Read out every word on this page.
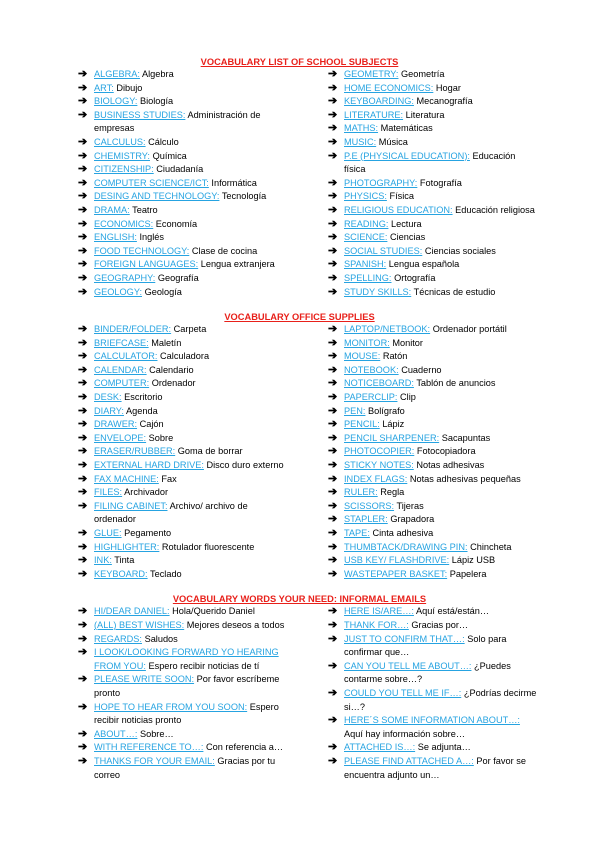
VOCABULARY LIST OF SCHOOL SUBJECTS

➔ ALGEBRA: Algebra
➔ ART: Dibujo
➔ BIOLOGY: Biología
➔ BUSINESS STUDIES: Administración de
empresas
➔ CALCULUS: Cálculo
➔ CHEMISTRY: Química
➔ CITIZENSHIP: Ciudadanía
➔ COMPUTER SCIENCE/ICT: Informática
➔ DESING AND TECHNOLOGY: Tecnología
➔ DRAMA: Teatro
➔ ECONOMICS: Economía
➔ ENGLISH: Inglés
➔ FOOD TECHNOLOGY: Clase de cocina
➔ FOREIGN LANGUAGES: Lengua extranjera
➔ GEOGRAPHY: Geografía
➔ GEOLOGY: Geología
➔ GEOMETRY: Geometría
➔ HOME ECONOMICS: Hogar
➔ KEYBOARDING: Mecanografía
➔ LITERATURE: Literatura
➔ MATHS: Matemáticas
➔ MUSIC: Música
➔ P.E (PHYSICAL EDUCATION): Educación
física
➔ PHOTOGRAPHY: Fotografía
➔ PHYSICS: Física
➔ RELIGIOUS EDUCATION: Educación religiosa
➔ READING: Lectura
➔ SCIENCE: Ciencias
➔ SOCIAL STUDIES: Ciencias sociales
➔ SPANISH: Lengua española
➔ SPELLING: Ortografía
➔ STUDY SKILLS: Técnicas de estudio

VOCABULARY OFFICE SUPPLIES

➔ BINDER/FOLDER: Carpeta
➔ BRIEFCASE: Maletín
➔ CALCULATOR: Calculadora
➔ CALENDAR: Calendario
➔ COMPUTER: Ordenador
➔ DESK: Escritorio
➔ DIARY: Agenda
➔ DRAWER: Cajón
➔ ENVELOPE: Sobre
➔ ERASER/RUBBER: Goma de borrar
➔ EXTERNAL HARD DRIVE: Disco duro externo
➔ FAX MACHINE: Fax
➔ FILES: Archivador
➔ FILING CABINET: Archivo/ archivo de
ordenador
➔ GLUE: Pegamento
➔ HIGHLIGHTER: Rotulador fluorescente
➔ INK: Tinta
➔ KEYBOARD: Teclado
➔ LAPTOP/NETBOOK: Ordenador portátil
➔ MONITOR: Monitor
➔ MOUSE: Ratón
➔ NOTEBOOK: Cuaderno
➔ NOTICEBOARD: Tablón de anuncios
➔ PAPERCLIP: Clip
➔ PEN: Bolígrafo
➔ PENCIL: Lápiz
➔ PENCIL SHARPENER: Sacapuntas
➔ PHOTOCOPIER: Fotocopiadora
➔ STICKY NOTES: Notas adhesivas
➔ INDEX FLAGS: Notas adhesivas pequeñas
➔ RULER: Regla
➔ SCISSORS: Tijeras
➔ STAPLER: Grapadora
➔ TAPE: Cinta adhesiva
➔ THUMBTACK/DRAWING PIN: Chincheta
➔ USB KEY/ FLASHDRIVE: Lápiz USB
➔ WASTEPAPER BASKET: Papelera

VOCABULARY WORDS YOUR NEED: INFORMAL EMAILS

➔ HI/DEAR DANIEL: Hola/Querido Daniel
➔ (ALL) BEST WISHES: Mejores deseos a todos
➔ REGARDS: Saludos
➔ I LOOK/LOOKING FORWARD YO HEARING
FROM YOU: Espero recibir noticias de tí
➔ PLEASE WRITE SOON: Por favor escríbeme
pronto
➔ HOPE TO HEAR FROM YOU SOON: Espero
recibir noticias pronto
➔ ABOUT…: Sobre…
➔ WITH REFERENCE TO…: Con referencia a…
➔ THANKS FOR YOUR EMAIL: Gracias por tu
correo
➔ HERE IS/ARE…: Aquí está/están…
➔ THANK FOR…: Gracias por…
➔ JUST TO CONFIRM THAT…: Solo para
confirmar que…
➔ CAN YOU TELL ME ABOUT…: ¿Puedes
contarme sobre…?
➔ COULD YOU TELL ME IF…: ¿Podrías decirme
si…?
➔ HERE´S SOME INFORMATION ABOUT…:
Aquí hay información sobre…
➔ ATTACHED IS…: Se adjunta…
➔ PLEASE FIND ATTACHED A…: Por favor se
encuentra adjunto un…
